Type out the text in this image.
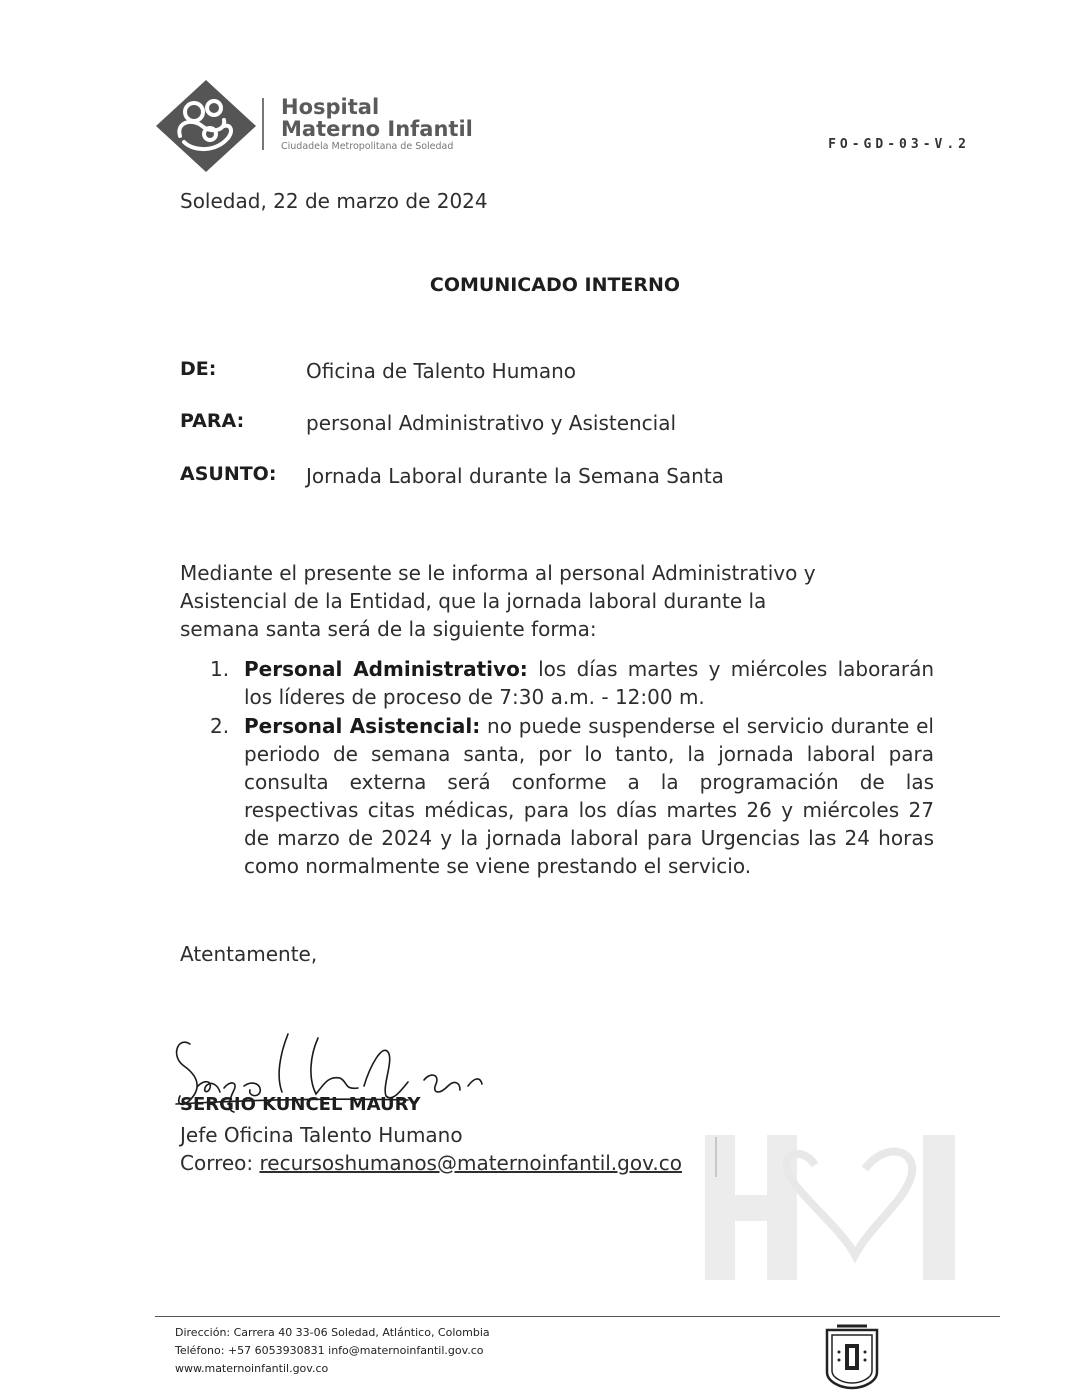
Hospital
Materno Infantil
Ciudadela Metropolitana de Soledad	FO-GD-03-V.2
Soledad, 22 de marzo de 2024
COMUNICADO INTERNO
DE:	Oficina de Talento Humano
PARA:	personal Administrativo y Asistencial
ASUNTO: Jornada Laboral durante la Semana Santa
Mediante el presente se le informa al personal Administrativo y Asistencial de la Entidad, que la jornada laboral durante la semana santa será de la siguiente forma:
1. Personal Administrativo: los días martes y miércoles laborarán los líderes de proceso de 7:30 a.m. - 12:00 m.
2. Personal Asistencial: no puede suspenderse el servicio durante el periodo de semana santa, por lo tanto, la jornada laboral para consulta externa será conforme a la programación de las respectivas citas médicas, para los días martes 26 y miércoles 27 de marzo de 2024 y la jornada laboral para Urgencias las 24 horas como normalmente se viene prestando el servicio.
Atentamente,
SERGIO KUNCEL MAURY
Jefe Oficina Talento Humano
Correo: recursoshumanos@maternoinfantil.gov.co
Dirección: Carrera 40 33-06 Soledad, Atlántico, Colombia
Teléfono: +57 6053930831 info@maternoinfantil.gov.co
www.maternoinfantil.gov.co
